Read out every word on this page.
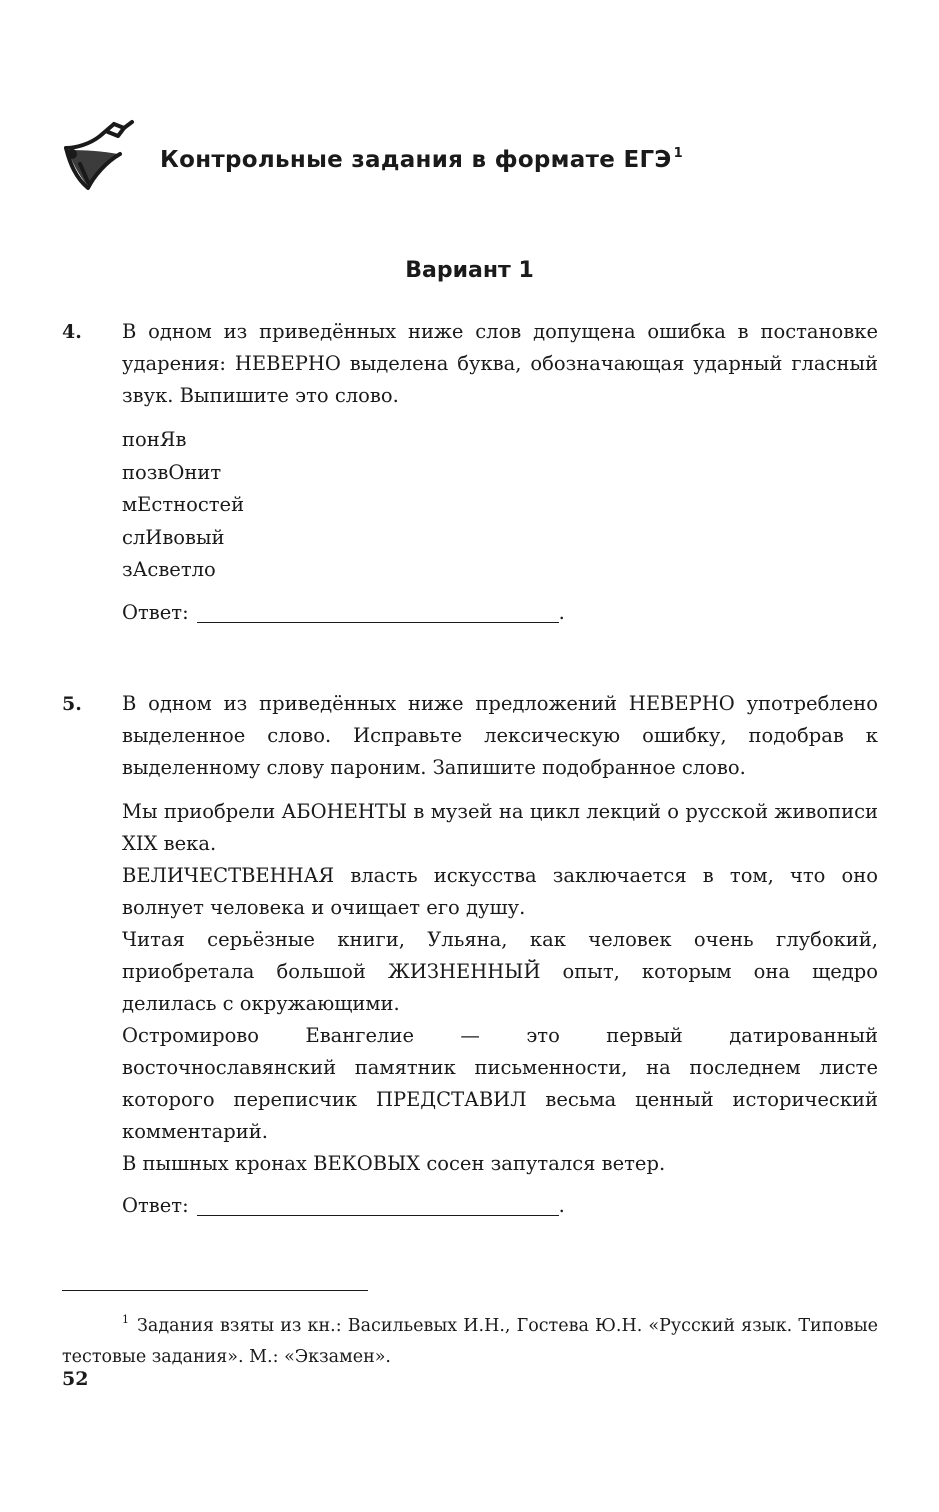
Контрольные задания в формате ЕГЭ $^1$
Вариант 1
4. В одном из приведённых ниже слов допущена ошибка в постановке ударения: НЕВЕРНО выделена буква, обозначающая ударный гласный звук. Выпишите это слово.
понЯв
позвОнит
мЕстностей
слИвовый
зАсветло
Ответ:	.
5. В одном из приведённых ниже предложений НЕВЕРНО употреблено выделенное слово. Исправьте лексическую ошибку, подобрав к выделенному слову пароним. Запишите подобранное слово.
Мы приобрели АБОНЕНТЫ в музей на цикл лекций о русской живописи XIX века.
ВЕЛИЧЕСТВЕННАЯ власть искусства заключается в том, что оно волнует человека и очищает его душу.
Читая серьёзные книги, Ульяна, как человек очень глубокий, приобретала большой ЖИЗНЕННЫЙ опыт, которым она щедро делилась с окружающими.
Остромирово Евангелие — это первый датированный восточнославянский памятник письменности, на последнем листе которого переписчик ПРЕДСТАВИЛ весьма ценный исторический комментарий.
В пышных кронах ВЕКОВЫХ сосен запутался ветер.
Ответ:	.
$^1$ Задания взяты из кн.: Васильевых И.Н., Гостева Ю.Н. «Русский язык. Типовые тестовые задания». М.: «Экзамен».
52
